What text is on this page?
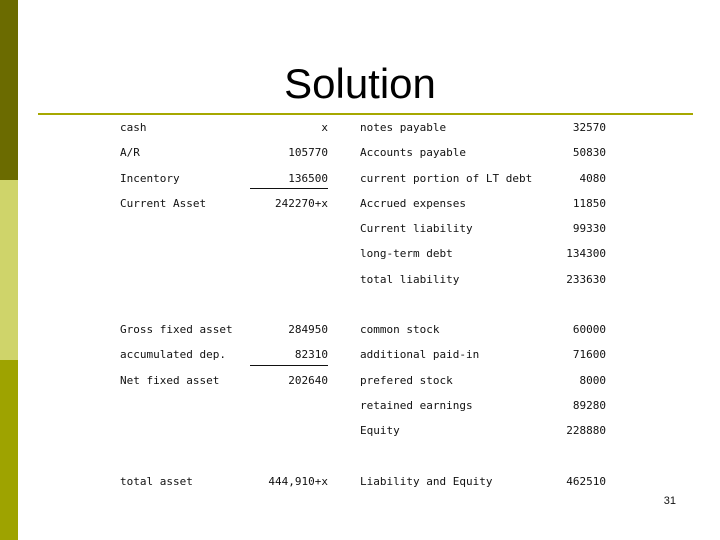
Solution
cash	x
A/R	105770
Incentory	136500
Current Asset	242270+x
Gross fixed asset	284950
accumulated dep.	82310
Net fixed asset	202640
total asset	444,910+x
notes payable	32570
Accounts payable	50830
current portion of LT debt	4080
Accrued expenses	11850
Current liability	99330
long-term debt	134300
total liability	233630
common stock	60000
additional paid-in	71600
prefered stock	8000
retained earnings	89280
Equity	228880
Liability and Equity	462510
31
